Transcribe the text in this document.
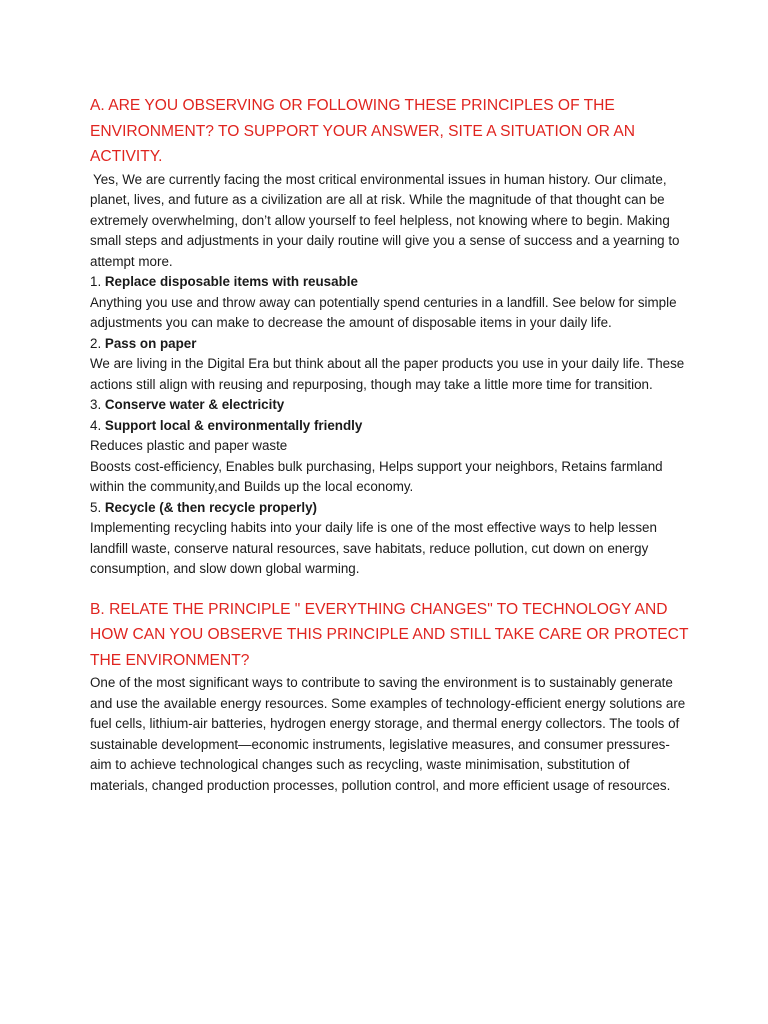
A. ARE YOU OBSERVING OR FOLLOWING THESE PRINCIPLES OF THE ENVIRONMENT? TO SUPPORT YOUR ANSWER, SITE A SITUATION OR AN ACTIVITY.

Yes, We are currently facing the most critical environmental issues in human history. Our climate, planet, lives, and future as a civilization are all at risk. While the magnitude of that thought can be extremely overwhelming, don’t allow yourself to feel helpless, not knowing where to begin. Making small steps and adjustments in your daily routine will give you a sense of success and a yearning to attempt more.

1. Replace disposable items with reusable

Anything you use and throw away can potentially spend centuries in a landfill. See below for simple adjustments you can make to decrease the amount of disposable items in your daily life.

2. Pass on paper

We are living in the Digital Era but think about all the paper products you use in your daily life. These actions still align with reusing and repurposing, though may take a little more time for transition.

3. Conserve water & electricity

4. Support local & environmentally friendly

Reduces plastic and paper waste

Boosts cost-efficiency, Enables bulk purchasing, Helps support your neighbors, Retains farmland within the community,and Builds up the local economy.

5. Recycle (& then recycle properly)

Implementing recycling habits into your daily life is one of the most effective ways to help lessen landfill waste, conserve natural resources, save habitats, reduce pollution, cut down on energy consumption, and slow down global warming.

B. RELATE THE PRINCIPLE " EVERYTHING CHANGES" TO TECHNOLOGY AND HOW CAN YOU OBSERVE THIS PRINCIPLE AND STILL TAKE CARE OR PROTECT THE ENVIRONMENT?

One of the most significant ways to contribute to saving the environment is to sustainably generate and use the available energy resources. Some examples of technology-efficient energy solutions are fuel cells, lithium-air batteries, hydrogen energy storage, and thermal energy collectors. The tools of sustainable development—economic instruments, legislative measures, and consumer pressures- aim to achieve technological changes such as recycling, waste minimisation, substitution of materials, changed production processes, pollution control, and more efficient usage of resources.
